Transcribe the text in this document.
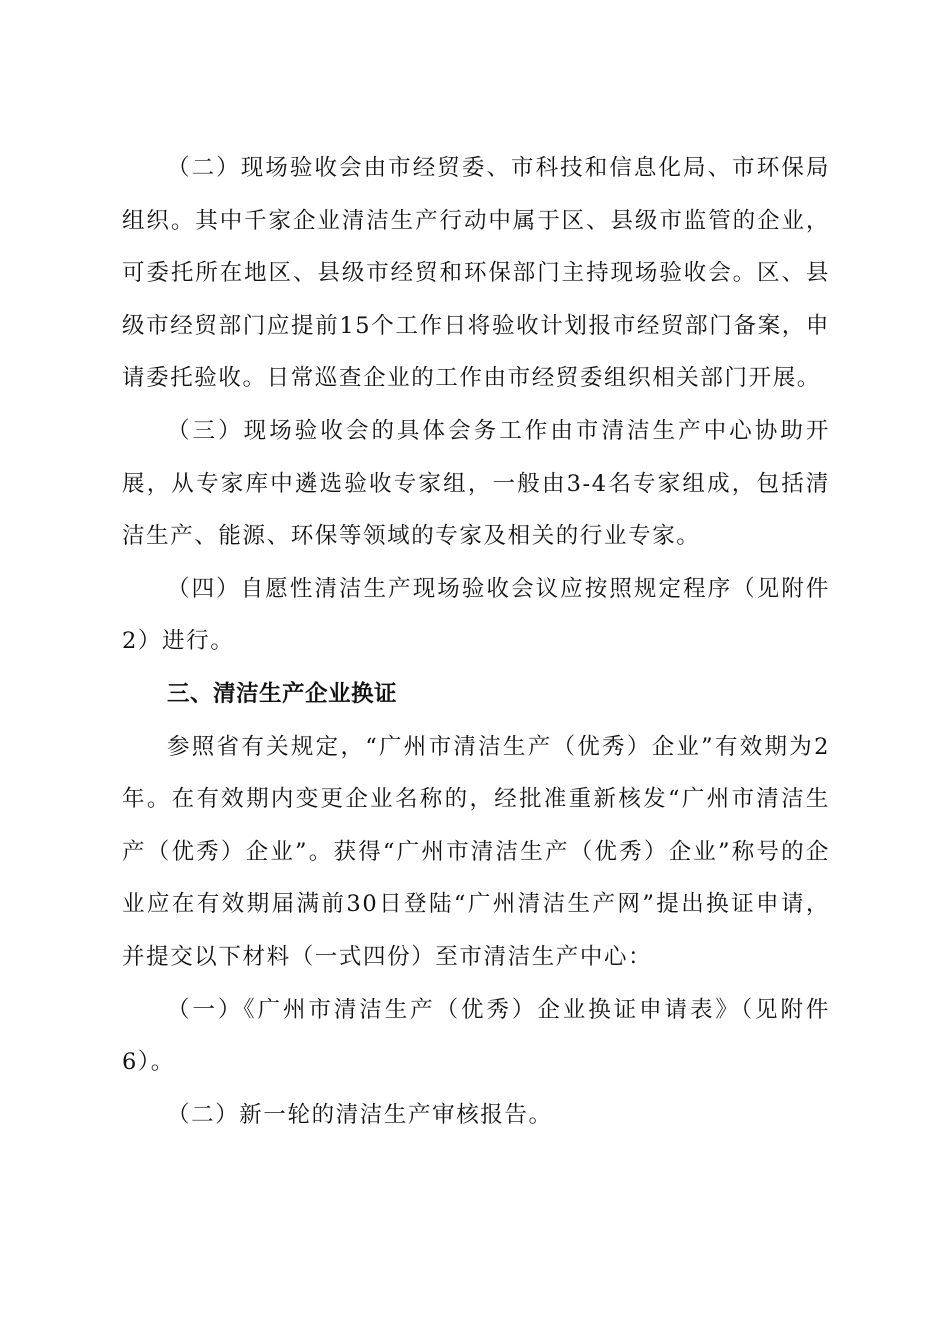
（二）现场验收会由市经贸委、市科技和信息化局、市环保局组织。其中千家企业清洁生产行动中属于区、县级市监管的企业，可委托所在地区、县级市经贸和环保部门主持现场验收会。区、县级市经贸部门应提前15个工作日将验收计划报市经贸部门备案，申请委托验收。日常巡查企业的工作由市经贸委组织相关部门开展。

（三）现场验收会的具体会务工作由市清洁生产中心协助开展，从专家库中遴选验收专家组，一般由3-4名专家组成，包括清洁生产、能源、环保等领域的专家及相关的行业专家。

（四）自愿性清洁生产现场验收会议应按照规定程序（见附件2）进行。

三、清洁生产企业换证

参照省有关规定，“广州市清洁生产（优秀）企业”有效期为2年。在有效期内变更企业名称的，经批准重新核发“广州市清洁生产（优秀）企业”。获得“广州市清洁生产（优秀）企业”称号的企业应在有效期届满前30日登陆“广州清洁生产网”提出换证申请，并提交以下材料（一式四份）至市清洁生产中心：

（一）《广州市清洁生产（优秀）企业换证申请表》（见附件6）。

（二）新一轮的清洁生产审核报告。
